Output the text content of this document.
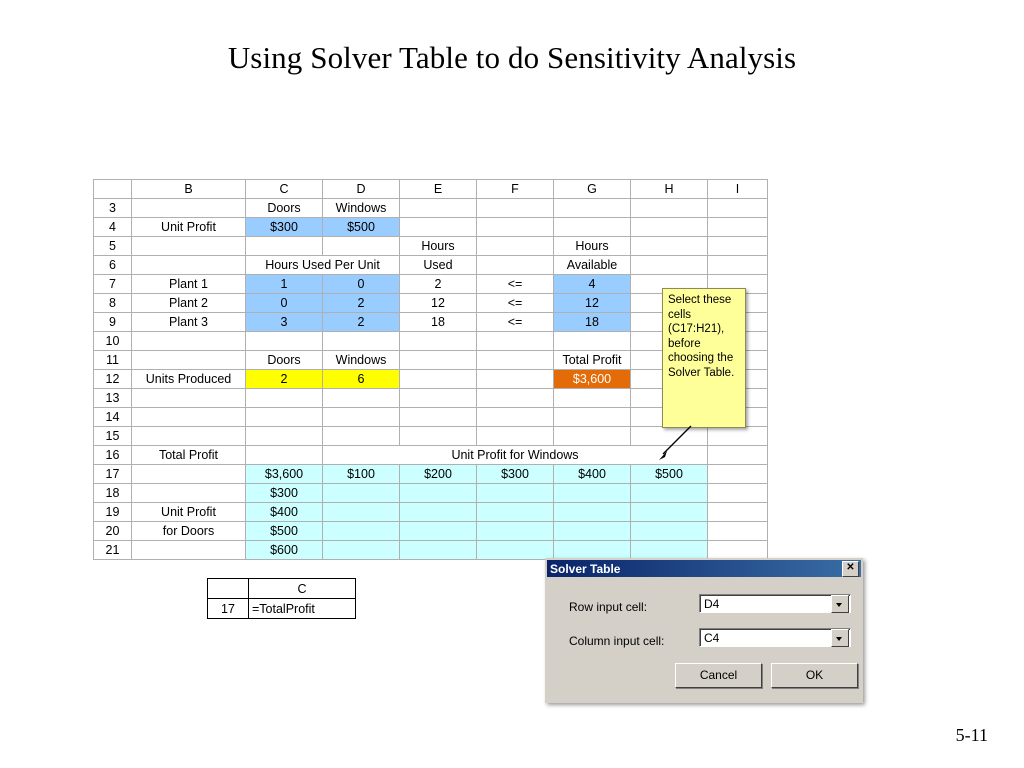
Using Solver Table to do Sensitivity Analysis
	B	C	D	E	F	G	H	I
3		Doors	Windows					
4	Unit Profit	$300	$500					
5				Hours		Hours		
6		Hours Used Per Unit		Used		Available		
7	Plant 1	1	0	2	<=	4		
8	Plant 2	0	2	12	<=	12		
9	Plant 3	3	2	18	<=	18		
10								
11		Doors	Windows			Total Profit		
12	Units Produced	2	6			$3,600		
13								
14								
15								
16	Total Profit		Unit Profit for Windows					
17		$3,600	$100	$200	$300	$400	$500	
18		$300						
19	Unit Profit	$400						
20	for Doors	$500						
21		$600						
Select these cells (C17:H21), before choosing the Solver Table.
	C
17	=TotalProfit
Solver Table	✕
Row input cell:	D4
Column input cell:	C4
Cancel	OK
5-11
